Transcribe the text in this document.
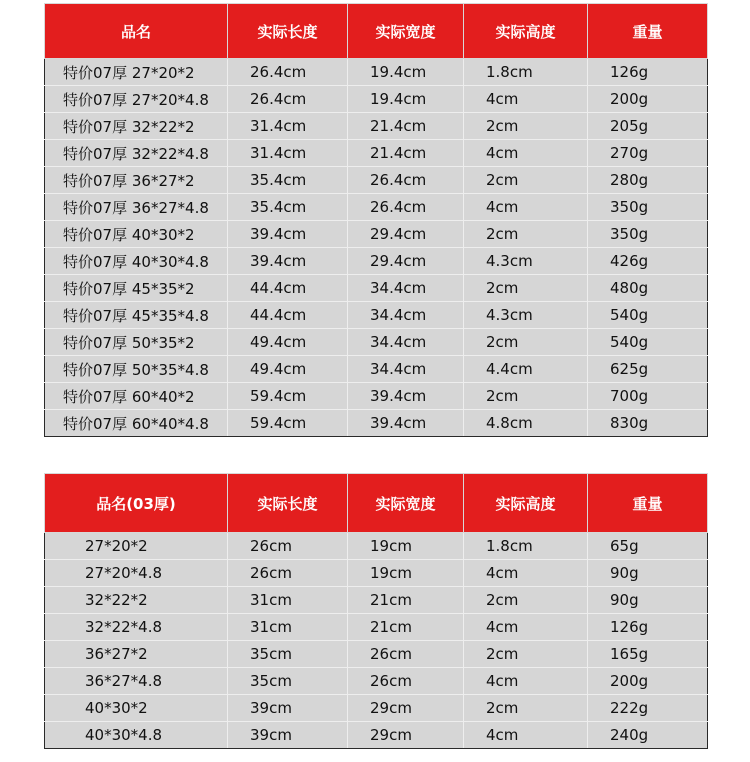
品名	实际长度	实际宽度	实际高度	重量
特价07厚 27*20*2	26.4cm	19.4cm	1.8cm	126g
特价07厚 27*20*4.8	26.4cm	19.4cm	4cm	200g
特价07厚 32*22*2	31.4cm	21.4cm	2cm	205g
特价07厚 32*22*4.8	31.4cm	21.4cm	4cm	270g
特价07厚 36*27*2	35.4cm	26.4cm	2cm	280g
特价07厚 36*27*4.8	35.4cm	26.4cm	4cm	350g
特价07厚 40*30*2	39.4cm	29.4cm	2cm	350g
特价07厚 40*30*4.8	39.4cm	29.4cm	4.3cm	426g
特价07厚 45*35*2	44.4cm	34.4cm	2cm	480g
特价07厚 45*35*4.8	44.4cm	34.4cm	4.3cm	540g
特价07厚 50*35*2	49.4cm	34.4cm	2cm	540g
特价07厚 50*35*4.8	49.4cm	34.4cm	4.4cm	625g
特价07厚 60*40*2	59.4cm	39.4cm	2cm	700g
特价07厚 60*40*4.8	59.4cm	39.4cm	4.8cm	830g
品名(03厚)	实际长度	实际宽度	实际高度	重量
27*20*2	26cm	19cm	1.8cm	65g
27*20*4.8	26cm	19cm	4cm	90g
32*22*2	31cm	21cm	2cm	90g
32*22*4.8	31cm	21cm	4cm	126g
36*27*2	35cm	26cm	2cm	165g
36*27*4.8	35cm	26cm	4cm	200g
40*30*2	39cm	29cm	2cm	222g
40*30*4.8	39cm	29cm	4cm	240g
